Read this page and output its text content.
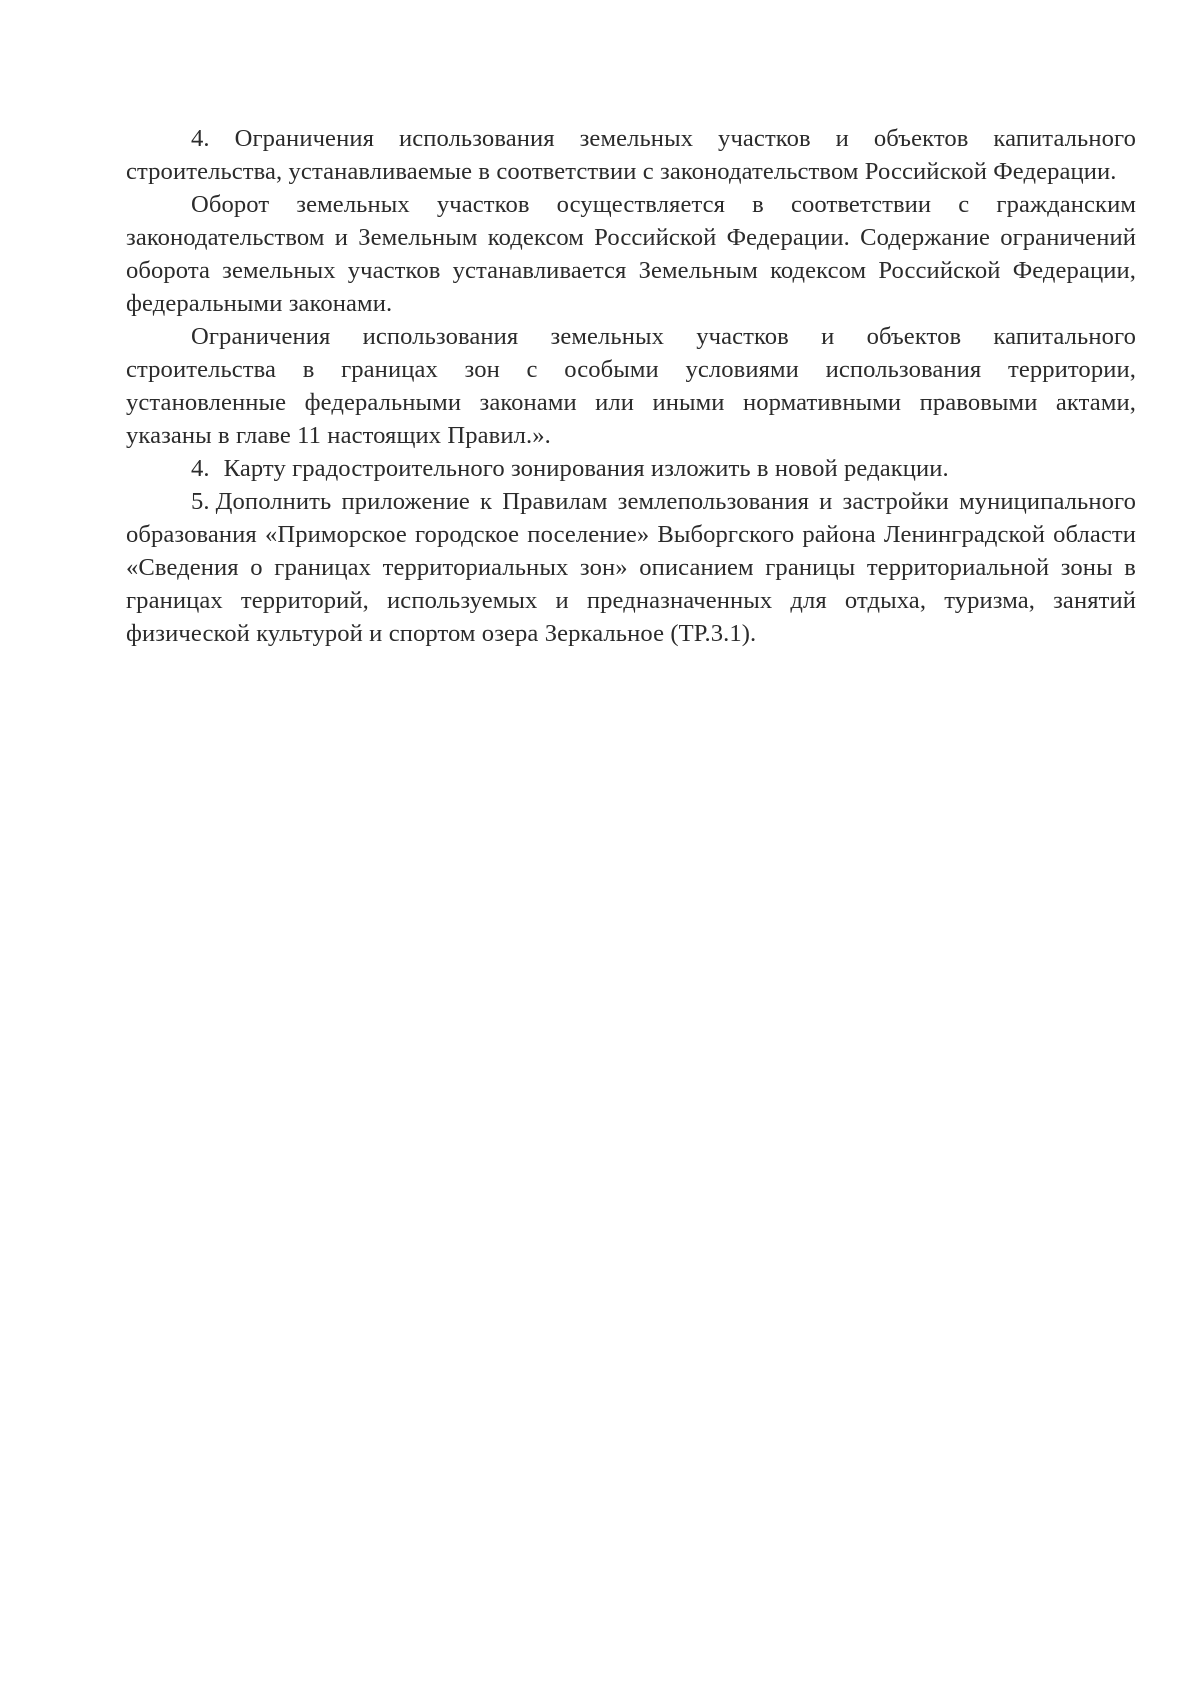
4. Ограничения использования земельных участков и объектов капитального строительства, устанавливаемые в соответствии с законодательством Российской Федерации.

Оборот земельных участков осуществляется в соответствии с гражданским законодательством и Земельным кодексом Российской Федерации. Содержание ограничений оборота земельных участков устанавливается Земельным кодексом Российской Федерации, федеральными законами.

Ограничения использования земельных участков и объектов капитального строительства в границах зон с особыми условиями использования территории, установленные федеральными законами или иными нормативными правовыми актами, указаны в главе 11 настоящих Правил.».

4. Карту градостроительного зонирования изложить в новой редакции.

5. Дополнить приложение к Правилам землепользования и застройки муниципального образования «Приморское городское поселение» Выборгского района Ленинградской области «Сведения о границах территориальных зон» описанием границы территориальной зоны в границах территорий, используемых и предназначенных для отдыха, туризма, занятий физической культурой и спортом озера Зеркальное (ТР.3.1).
